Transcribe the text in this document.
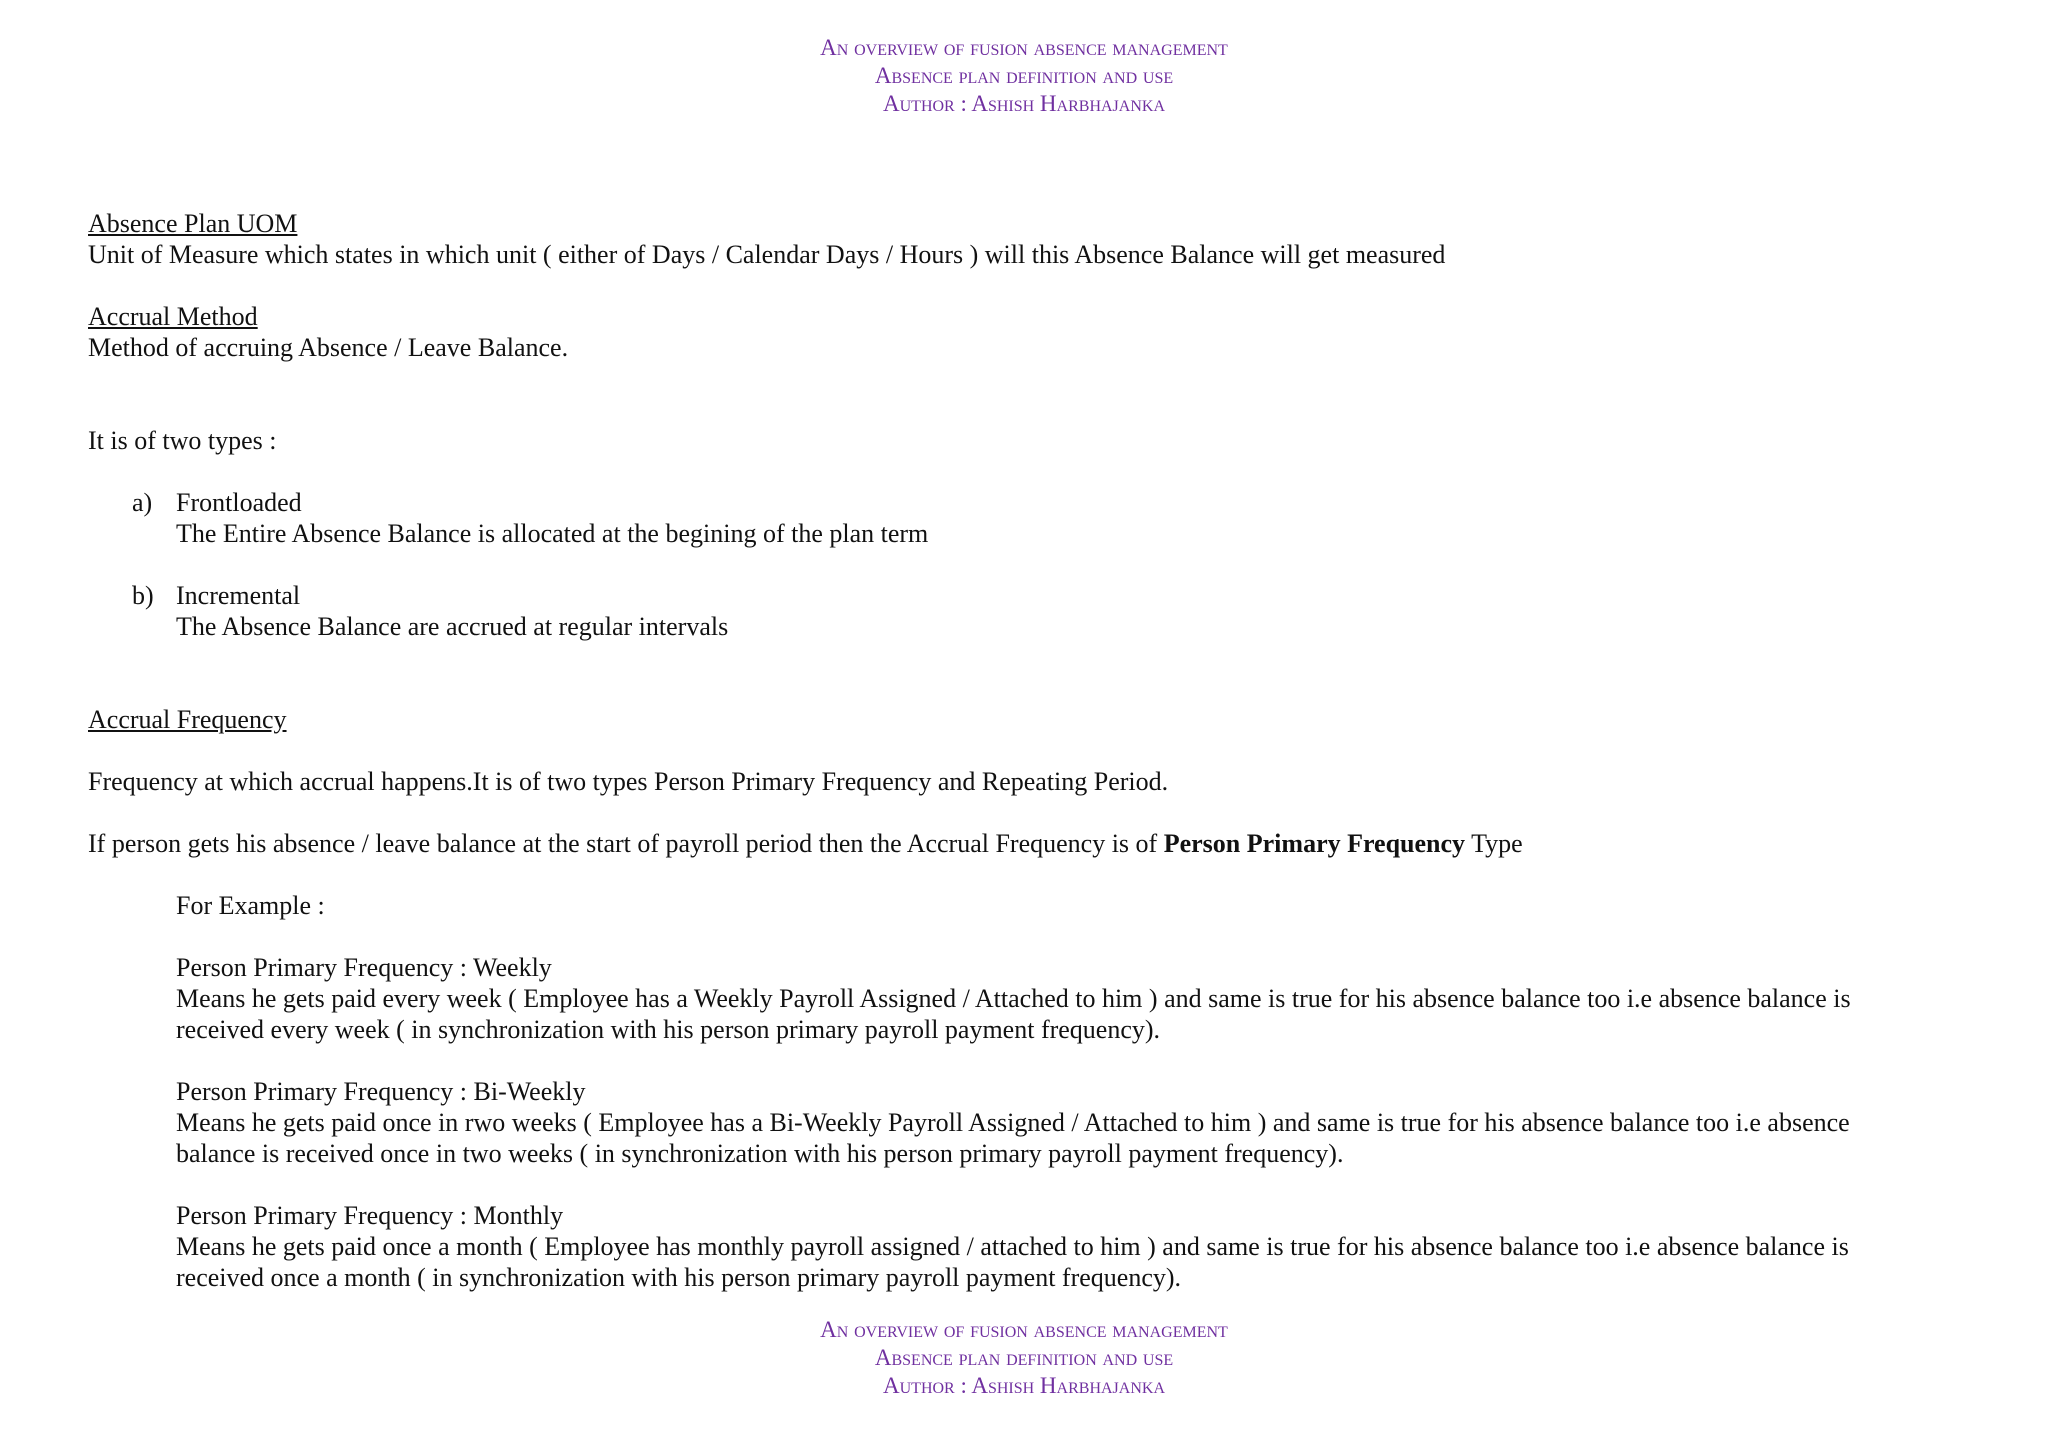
An overview of fusion absence management
Absence plan definition and use
Author : Ashish Harbhajanka
Absence Plan UOM
Unit of Measure which states in which unit ( either of Days / Calendar Days / Hours ) will this Absence Balance will get measured
Accrual Method
Method of accruing Absence / Leave Balance.
It is of two types :
a) Frontloaded
The Entire Absence Balance is allocated at the begining of the plan term
b) Incremental
The Absence Balance are accrued at regular intervals
Accrual Frequency
Frequency at which accrual happens.It is of two types Person Primary Frequency and Repeating Period.
If person gets his absence / leave balance at the start of payroll period then the Accrual Frequency is of Person Primary Frequency Type
For Example :
Person Primary Frequency : Weekly
Means he gets paid every week ( Employee has a Weekly Payroll Assigned / Attached to him ) and same is true for his absence balance too i.e absence balance is
received every week ( in synchronization with his person primary payroll payment frequency).
Person Primary Frequency : Bi-Weekly
Means he gets paid once in rwo weeks ( Employee has a Bi-Weekly Payroll Assigned / Attached to him ) and same is true for his absence balance too i.e absence
balance is received once in two weeks ( in synchronization with his person primary payroll payment frequency).
Person Primary Frequency : Monthly
Means he gets paid once a month ( Employee has monthly payroll assigned / attached to him ) and same is true for his absence balance too i.e absence balance is
received once a month ( in synchronization with his person primary payroll payment frequency).
An overview of fusion absence management
Absence plan definition and use
Author : Ashish Harbhajanka
